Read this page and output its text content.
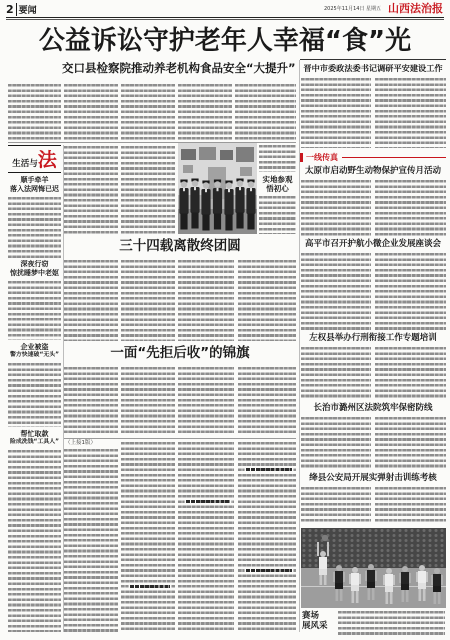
2 要闻	2025年11月14日 星期五 山西法治报
公益诉讼守护老年人幸福“食”光
交口县检察院推动养老机构食品安全“大提升”
生活与 法
顺手牵羊
落入法网悔已迟
深夜行窃
惊扰睡梦中老妪
企业被盗
警方快速破“无头”
帮忙取款
险成洗钱“工具人”
实地参观
悟初心
三十四载离散终团圆
一面“先拒后收”的锦旗
（上接1版）
晋中市委政法委书记调研平安建设工作
一线传真
太原市启动野生动物保护宣传月活动
高平市召开护航小微企业发展座谈会
左权县举办行刑衔接工作专题培训
长治市潞州区法院筑牢保密防线
绛县公安局开展实弹射击训练考核
赛场
展风采
